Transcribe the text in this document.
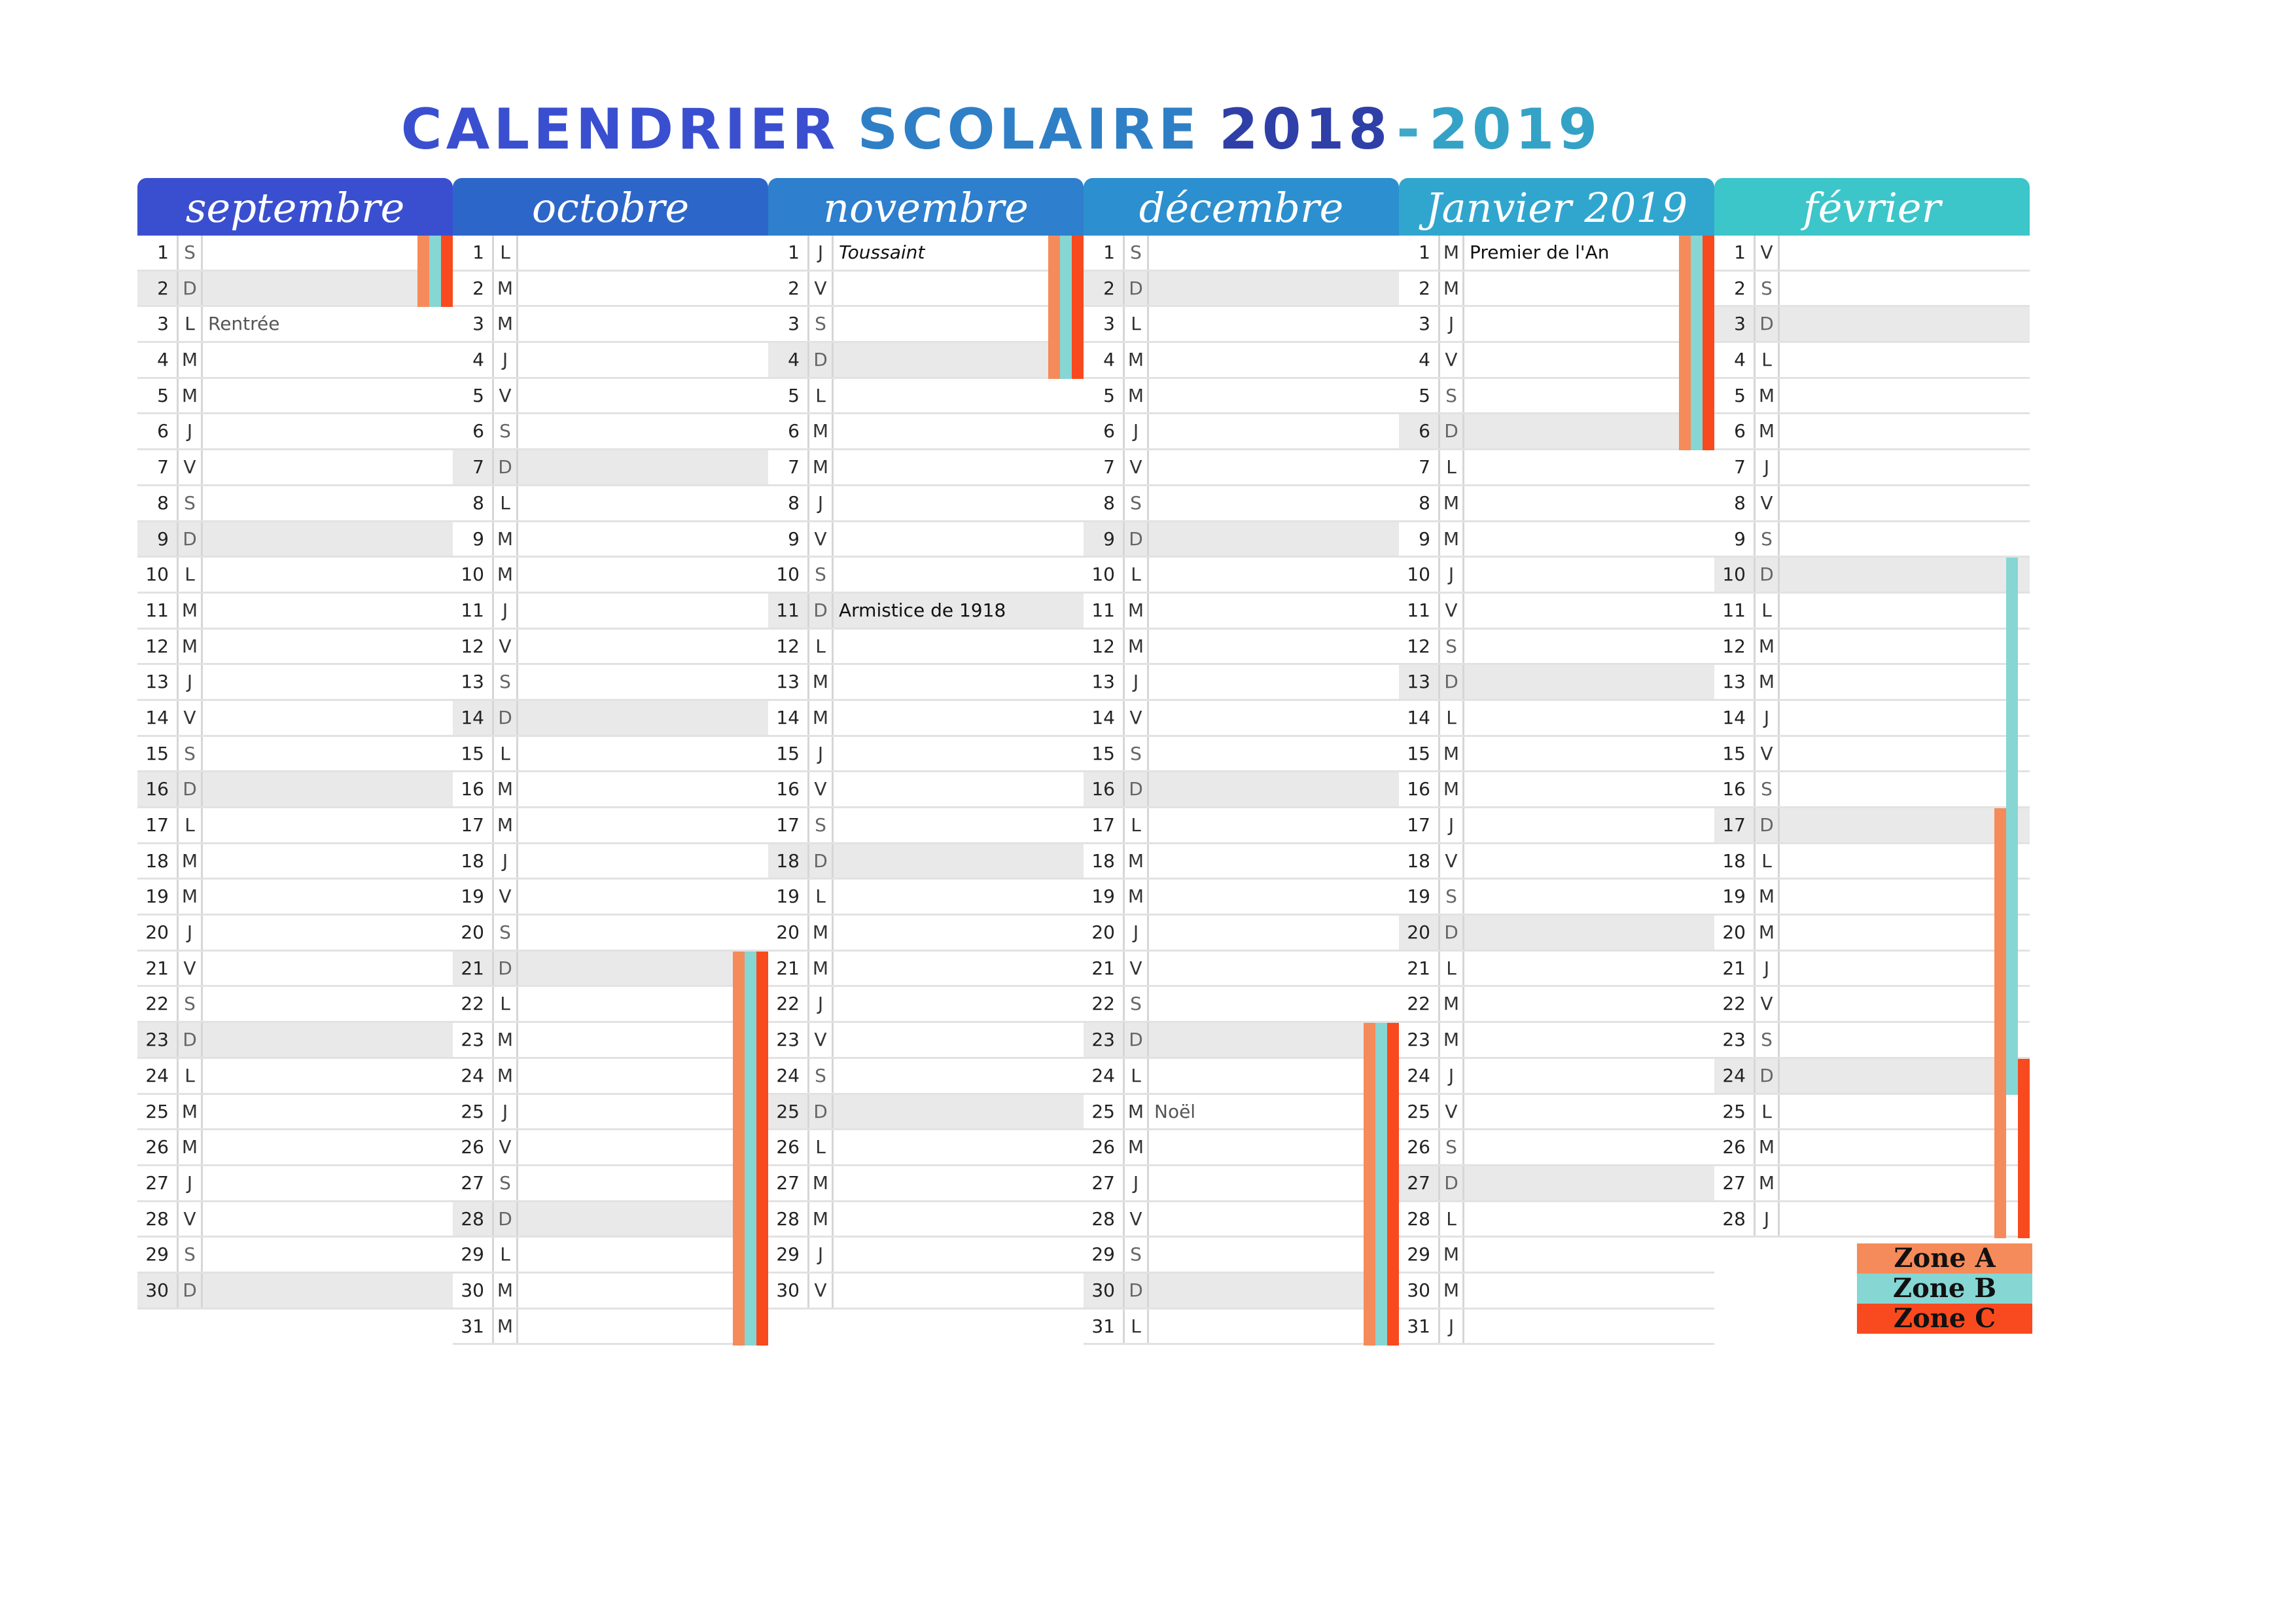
CALENDRIER SCOLAIRE 2018-2019
septembre
1 S
2 D
3 L Rentrée
4 M
5 M
6 J
7 V
8 S
9 D
10 L
11 M
12 M
13 J
14 V
15 S
16 D
17 L
18 M
19 M
20 J
21 V
22 S
23 D
24 L
25 M
26 M
27 J
28 V
29 S
30 D
octobre
1 L
2 M
3 M
4 J
5 V
6 S
7 D
8 L
9 M
10 M
11 J
12 V
13 S
14 D
15 L
16 M
17 M
18 J
19 V
20 S
21 D
22 L
23 M
24 M
25 J
26 V
27 S
28 D
29 L
30 M
31 M
novembre
1 J Toussaint
2 V
3 S
4 D
5 L
6 M
7 M
8 J
9 V
10 S
11 D Armistice de 1918
12 L
13 M
14 M
15 J
16 V
17 S
18 D
19 L
20 M
21 M
22 J
23 V
24 S
25 D
26 L
27 M
28 M
29 J
30 V
décembre
1 S
2 D
3 L
4 M
5 M
6 J
7 V
8 S
9 D
10 L
11 M
12 M
13 J
14 V
15 S
16 D
17 L
18 M
19 M
20 J
21 V
22 S
23 D
24 L
25 M Noël
26 M
27 J
28 V
29 S
30 D
31 L
Janvier 2019
1 M Premier de l'An
2 M
3 J
4 V
5 S
6 D
7 L
8 M
9 M
10 J
11 V
12 S
13 D
14 L
15 M
16 M
17 J
18 V
19 S
20 D
21 L
22 M
23 M
24 J
25 V
26 S
27 D
28 L
29 M
30 M
31 J
février
1 V
2 S
3 D
4 L
5 M
6 M
7 J
8 V
9 S
10 D
11 L
12 M
13 M
14 J
15 V
16 S
17 D
18 L
19 M
20 M
21 J
22 V
23 S
24 D
25 L
26 M
27 M
28 J
Zone A
Zone B
Zone C
